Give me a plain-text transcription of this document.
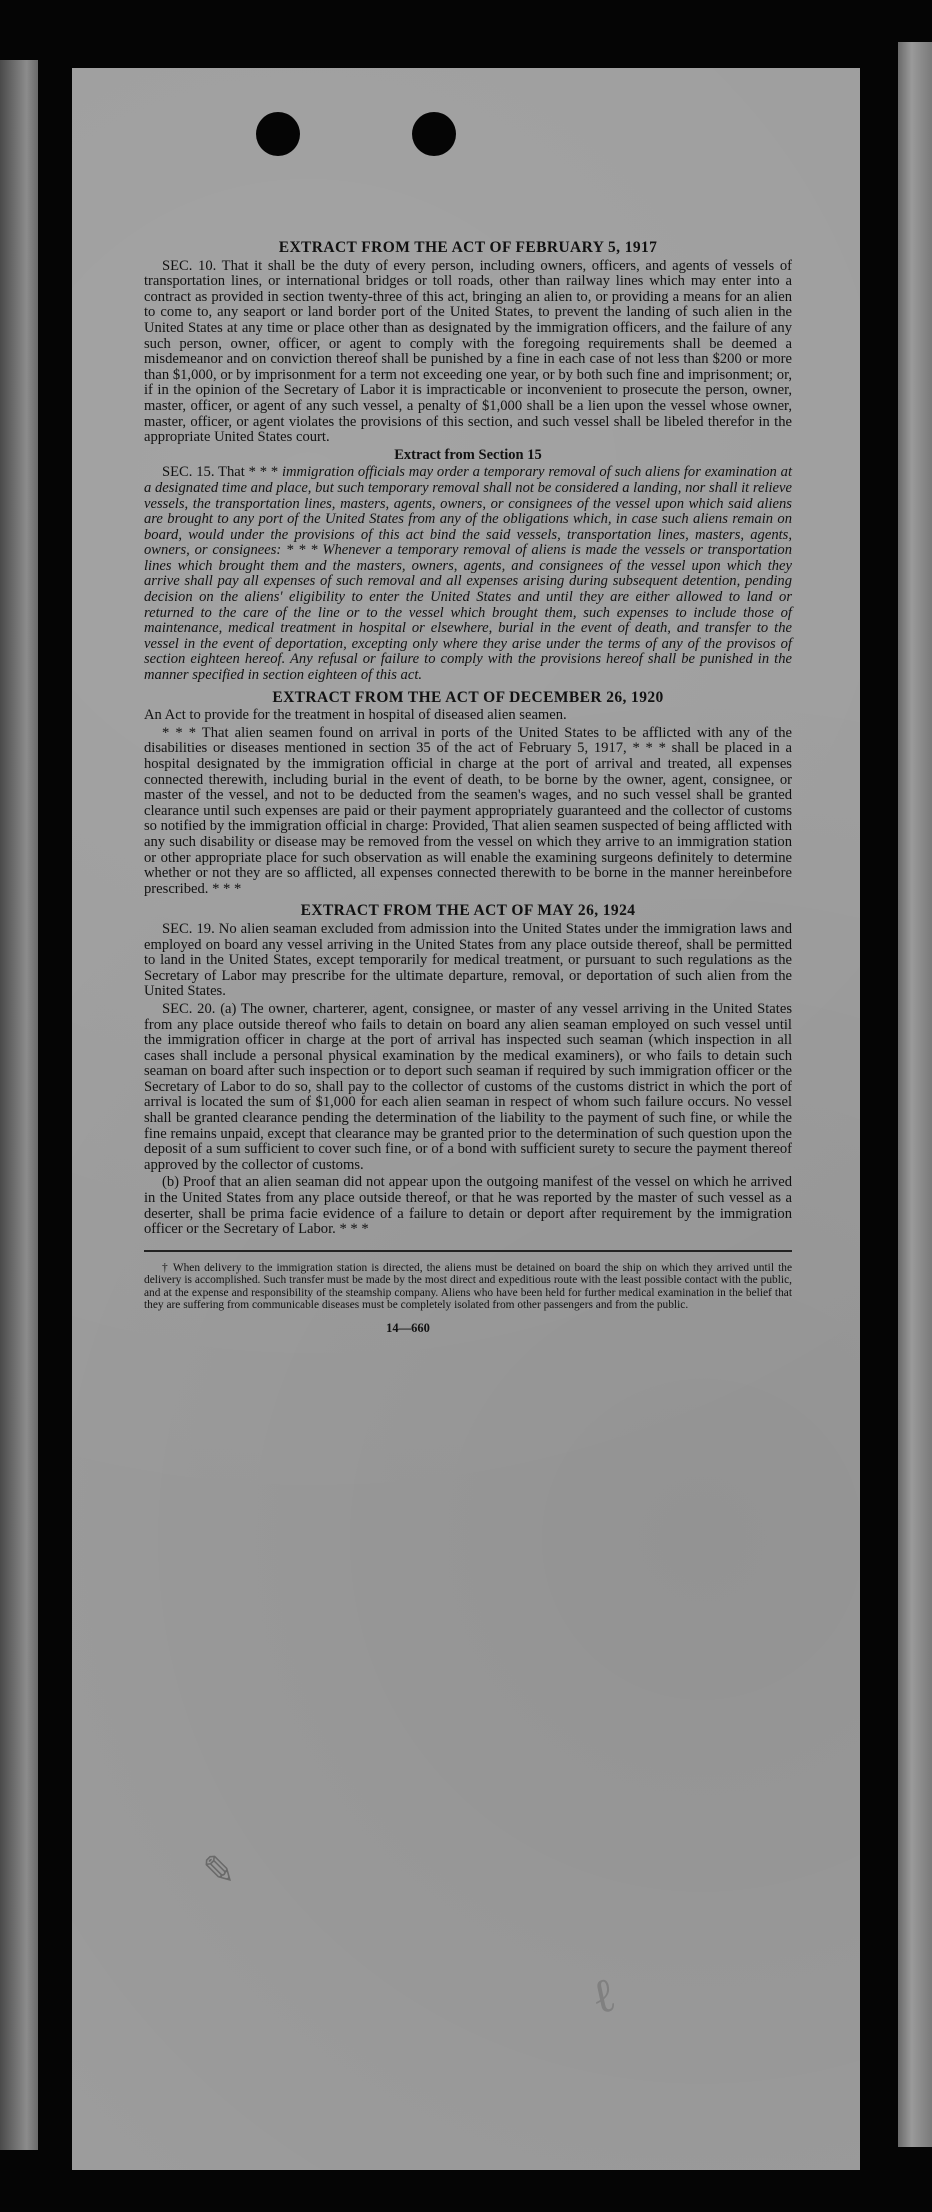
EXTRACT FROM THE ACT OF FEBRUARY 5, 1917

SEC. 10. That it shall be the duty of every person, including owners, officers, and agents of vessels of transportation lines, or international bridges or toll roads, other than railway lines which may enter into a contract as provided in section twenty-three of this act, bringing an alien to, or providing a means for an alien to come to, any seaport or land border port of the United States, to prevent the landing of such alien in the United States at any time or place other than as designated by the immigration officers, and the failure of any such person, owner, officer, or agent to comply with the foregoing requirements shall be deemed a misdemeanor and on conviction thereof shall be punished by a fine in each case of not less than $200 or more than $1,000, or by imprisonment for a term not exceeding one year, or by both such fine and imprisonment; or, if in the opinion of the Secretary of Labor it is impracticable or inconvenient to prosecute the person, owner, master, officer, or agent of any such vessel, a penalty of $1,000 shall be a lien upon the vessel whose owner, master, officer, or agent violates the provisions of this section, and such vessel shall be libeled therefor in the appropriate United States court.

Extract from Section 15

SEC. 15. That * * * immigration officials may order a temporary removal of such aliens for examination at a designated time and place, but such temporary removal shall not be considered a landing, nor shall it relieve vessels, the transportation lines, masters, agents, owners, or consignees of the vessel upon which said aliens are brought to any port of the United States from any of the obligations which, in case such aliens remain on board, would under the provisions of this act bind the said vessels, transportation lines, masters, agents, owners, or consignees: * * * Whenever a temporary removal of aliens is made the vessels or transportation lines which brought them and the masters, owners, agents, and consignees of the vessel upon which they arrive shall pay all expenses of such removal and all expenses arising during subsequent detention, pending decision on the aliens' eligibility to enter the United States and until they are either allowed to land or returned to the care of the line or to the vessel which brought them, such expenses to include those of maintenance, medical treatment in hospital or elsewhere, burial in the event of death, and transfer to the vessel in the event of deportation, excepting only where they arise under the terms of any of the provisos of section eighteen hereof. Any refusal or failure to comply with the provisions hereof shall be punished in the manner specified in section eighteen of this act.

EXTRACT FROM THE ACT OF DECEMBER 26, 1920

An Act to provide for the treatment in hospital of diseased alien seamen.

* * * That alien seamen found on arrival in ports of the United States to be afflicted with any of the disabilities or diseases mentioned in section 35 of the act of February 5, 1917, * * * shall be placed in a hospital designated by the immigration official in charge at the port of arrival and treated, all expenses connected therewith, including burial in the event of death, to be borne by the owner, agent, consignee, or master of the vessel, and not to be deducted from the seamen's wages, and no such vessel shall be granted clearance until such expenses are paid or their payment appropriately guaranteed and the collector of customs so notified by the immigration official in charge: Provided, That alien seamen suspected of being afflicted with any such disability or disease may be removed from the vessel on which they arrive to an immigration station or other appropriate place for such observation as will enable the examining surgeons definitely to determine whether or not they are so afflicted, all expenses connected therewith to be borne in the manner hereinbefore prescribed. * * *

EXTRACT FROM THE ACT OF MAY 26, 1924

SEC. 19. No alien seaman excluded from admission into the United States under the immigration laws and employed on board any vessel arriving in the United States from any place outside thereof, shall be permitted to land in the United States, except temporarily for medical treatment, or pursuant to such regulations as the Secretary of Labor may prescribe for the ultimate departure, removal, or deportation of such alien from the United States.

SEC. 20. (a) The owner, charterer, agent, consignee, or master of any vessel arriving in the United States from any place outside thereof who fails to detain on board any alien seaman employed on such vessel until the immigration officer in charge at the port of arrival has inspected such seaman (which inspection in all cases shall include a personal physical examination by the medical examiners), or who fails to detain such seaman on board after such inspection or to deport such seaman if required by such immigration officer or the Secretary of Labor to do so, shall pay to the collector of customs of the customs district in which the port of arrival is located the sum of $1,000 for each alien seaman in respect of whom such failure occurs. No vessel shall be granted clearance pending the determination of the liability to the payment of such fine, or while the fine remains unpaid, except that clearance may be granted prior to the determination of such question upon the deposit of a sum sufficient to cover such fine, or of a bond with sufficient surety to secure the payment thereof approved by the collector of customs.

(b) Proof that an alien seaman did not appear upon the outgoing manifest of the vessel on which he arrived in the United States from any place outside thereof, or that he was reported by the master of such vessel as a deserter, shall be prima facie evidence of a failure to detain or deport after requirement by the immigration officer or the Secretary of Labor. * * *

† When delivery to the immigration station is directed, the aliens must be detained on board the ship on which they arrived until the delivery is accomplished. Such transfer must be made by the most direct and expeditious route with the least possible contact with the public, and at the expense and responsibility of the steamship company. Aliens who have been held for further medical examination in the belief that they are suffering from communicable diseases must be completely isolated from other passengers and from the public.

14—660
✎
ℓ
